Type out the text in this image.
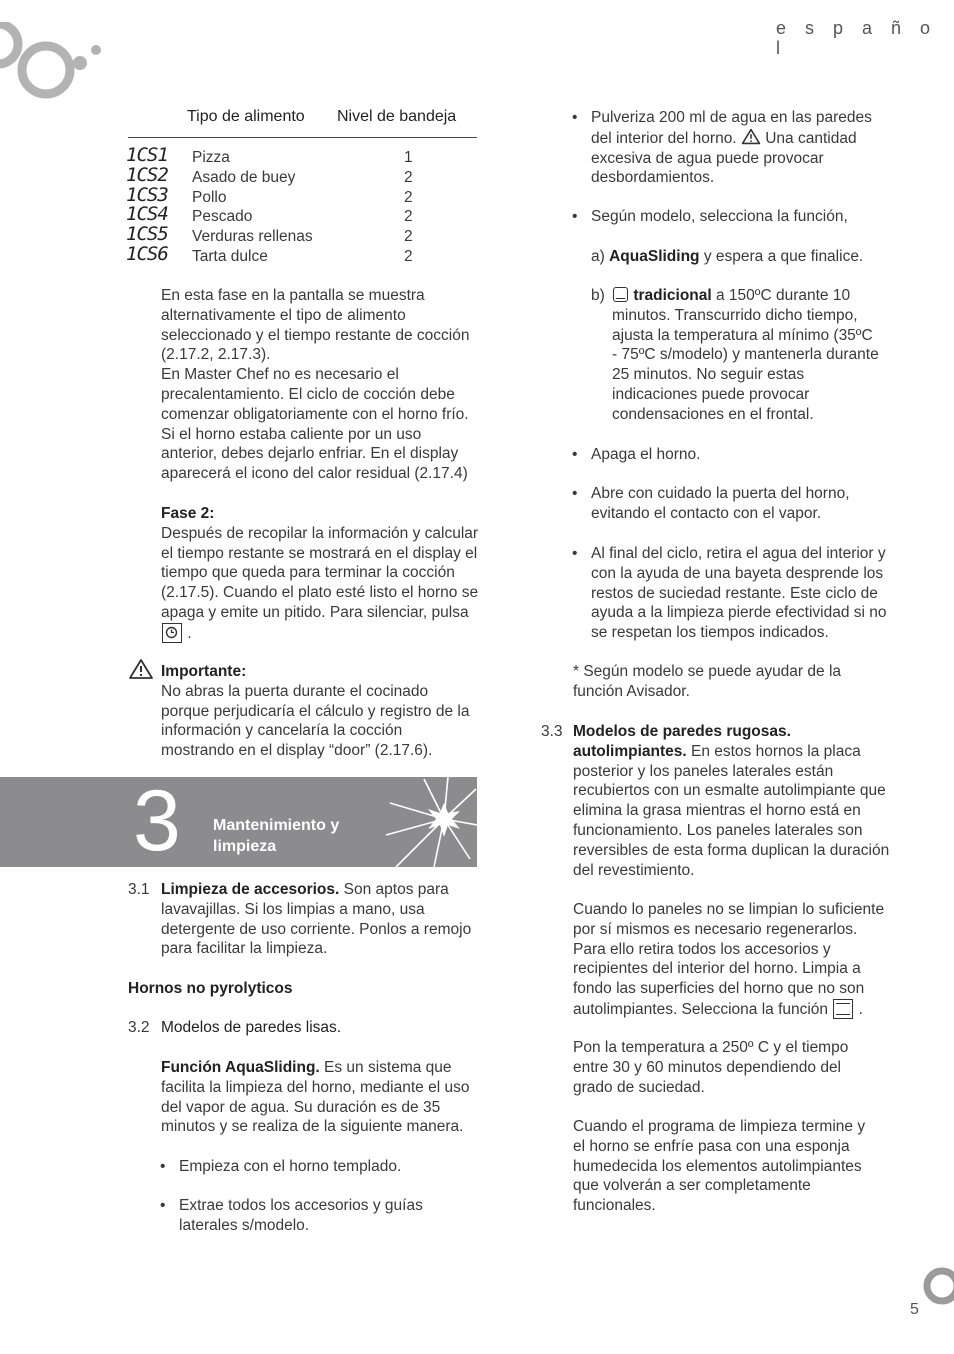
e s p a ñ o l
Tipo de alimento Nivel de bandeja
1CS1 Pizza	1
1CS2 Asado de buey	2
1CS3 Pollo	2
1CS4 Pescado	2
1CS5 Verduras rellenas	2
1CS6 Tarta dulce	2

En esta fase en la pantalla se muestra alternativamente el tipo de alimento seleccionado y el tiempo restante de cocción (2.17.2, 2.17.3).

En Master Chef no es necesario el precalentamiento. El ciclo de cocción debe comenzar obligatoriamente con el horno frío. Si el horno estaba caliente por un uso anterior, debes dejarlo enfriar. En el display aparecerá el icono del calor residual (2.17.4)

Fase 2:

Después de recopilar la información y calcular el tiempo restante se mostrará en el display el tiempo que queda para terminar la cocción (2.17.5). Cuando el plato esté listo el horno se apaga y emite un pitido. Para silenciar, pulsa
.

Importante:

No abras la puerta durante el cocinado porque perjudicaría el cálculo y registro de la información y cancelaría la cocción mostrando en el display “door” (2.17.6).

3 Mantenimiento y
limpieza
3.1 Limpieza de accesorios. Son aptos para lavavajillas. Si los limpias a mano, usa detergente de uso corriente. Ponlos a remojo para facilitar la limpieza.

Hornos no pyrolyticos
3.2 Modelos de paredes lisas.

Función AquaSliding. Es un sistema que facilita la limpieza del horno, mediante el uso del vapor de agua. Su duración es de 35 minutos y se realiza de la siguiente manera.

• Empieza con el horno templado.
• Extrae todos los accesorios y guías laterales s/modelo.
• Pulveriza 200 ml de agua en las paredes del interior del horno.  Una cantidad excesiva de agua puede provocar desbordamientos.
• Según modelo, selecciona la función,
a) AquaSliding y espera a que finalice.
b)	tradicional a 150ºC durante 10 minutos. Transcurrido dicho tiempo, ajusta la temperatura al mínimo (35ºC - 75ºC s/modelo) y mantenerla durante 25 minutos. No seguir estas indicaciones puede provocar condensaciones en el frontal.
• Apaga el horno.
• Abre con cuidado la puerta del horno, evitando el contacto con el vapor.
• Al final del ciclo, retira el agua del interior y con la ayuda de una bayeta desprende los restos de suciedad restante. Este ciclo de ayuda a la limpieza pierde efectividad si no se respetan los tiempos indicados.
* Según modelo se puede ayudar de la función Avisador.
3.3 Modelos de paredes rugosas. autolimpiantes. En estos hornos la placa posterior y los paneles laterales están recubiertos con un esmalte autolimpiante que elimina la grasa mientras el horno está en funcionamiento. Los paneles laterales son reversibles de esta forma duplican la duración del revestimiento.

Cuando lo paneles no se limpian lo suficiente por sí mismos es necesario regenerarlos. Para ello retira todos los accesorios y recipientes del interior del horno. Limpia a fondo las superficies del horno que no son autolimpiantes. Selecciona la función .
Pon la temperatura a 250º C y el tiempo entre 30 y 60 minutos dependiendo del grado de suciedad.
Cuando el programa de limpieza termine y el horno se enfríe pasa con una esponja humedecida los elementos autolimpiantes que volverán a ser completamente funcionales.
5
